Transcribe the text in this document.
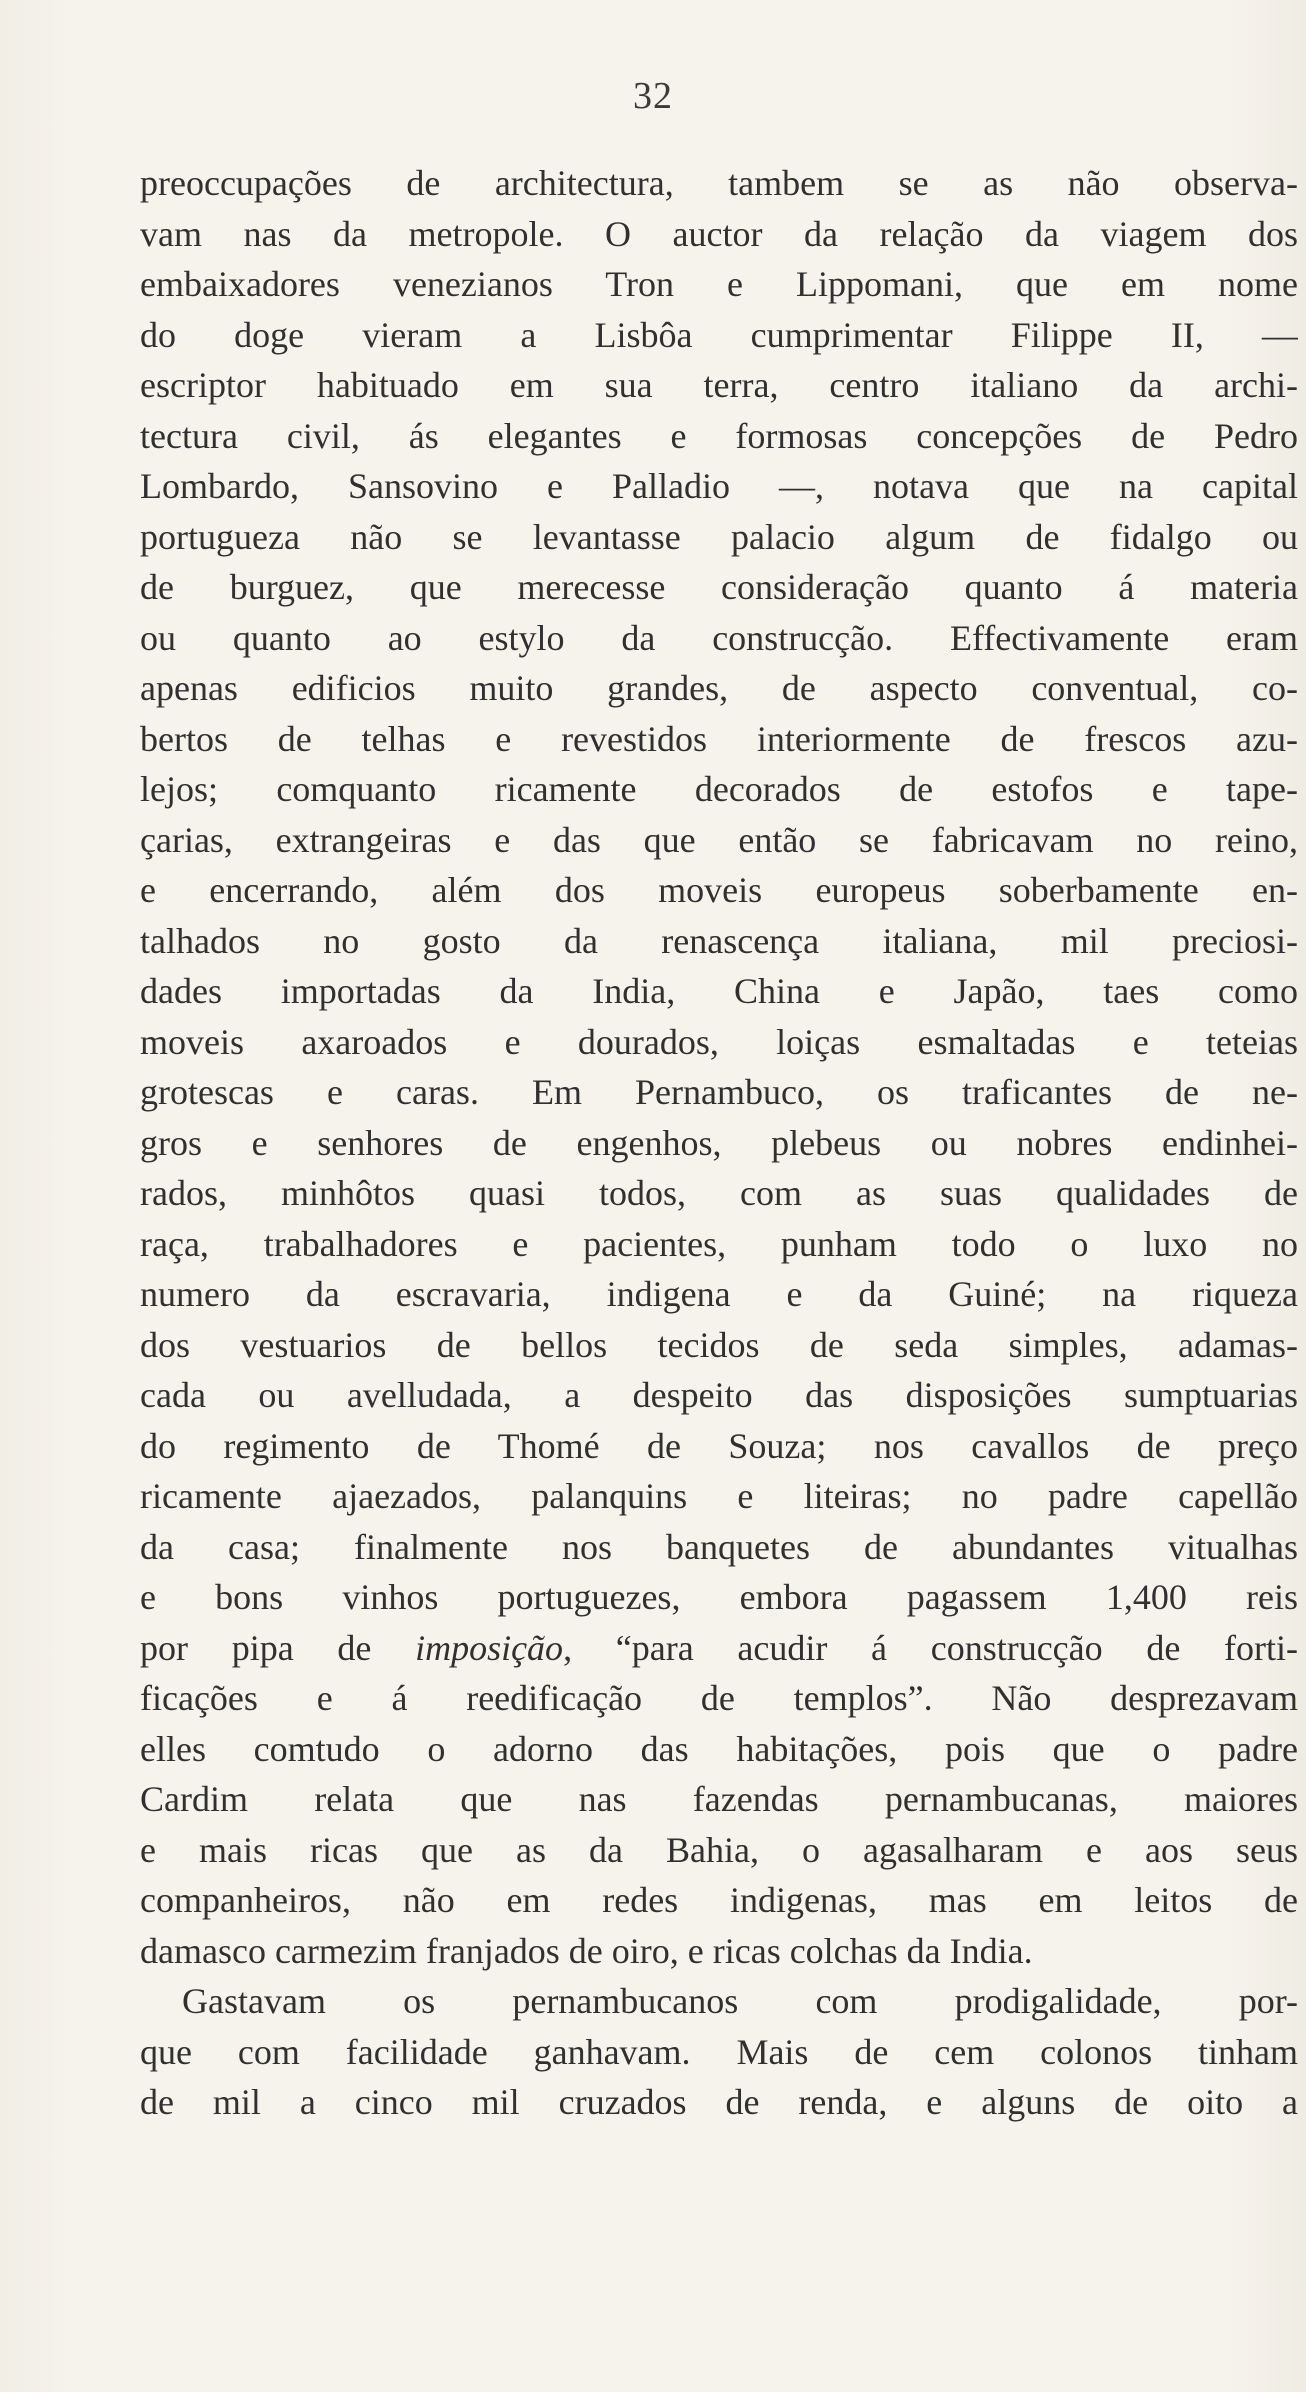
32
preoccupações de architectura, tambem se as não observa-
vam nas da metropole. O auctor da relação da viagem dos
embaixadores venezianos Tron e Lippomani, que em nome
do doge vieram a Lisbôa cumprimentar Filippe II, —
escriptor habituado em sua terra, centro italiano da archi-
tectura civil, ás elegantes e formosas concepções de Pedro
Lombardo, Sansovino e Palladio —, notava que na capital
portugueza não se levantasse palacio algum de fidalgo ou
de burguez, que merecesse consideração quanto á materia
ou quanto ao estylo da construcção. Effectivamente eram
apenas edificios muito grandes, de aspecto conventual, co-
bertos de telhas e revestidos interiormente de frescos azu-
lejos; comquanto ricamente decorados de estofos e tape-
çarias, extrangeiras e das que então se fabricavam no reino,
e encerrando, além dos moveis europeus soberbamente en-
talhados no gosto da renascença italiana, mil preciosi-
dades importadas da India, China e Japão, taes como
moveis axaroados e dourados, loiças esmaltadas e teteias
grotescas e caras. Em Pernambuco, os traficantes de ne-
gros e senhores de engenhos, plebeus ou nobres endinhei-
rados, minhôtos quasi todos, com as suas qualidades de
raça, trabalhadores e pacientes, punham todo o luxo no
numero da escravaria, indigena e da Guiné; na riqueza
dos vestuarios de bellos tecidos de seda simples, adamas-
cada ou avelludada, a despeito das disposições sumptuarias
do regimento de Thomé de Souza; nos cavallos de preço
ricamente ajaezados, palanquins e liteiras; no padre capellão
da casa; finalmente nos banquetes de abundantes vitualhas
e bons vinhos portuguezes, embora pagassem 1,400 reis
por pipa de imposição, “para acudir á construcção de forti-
ficações e á reedificação de templos”. Não desprezavam
elles comtudo o adorno das habitações, pois que o padre
Cardim relata que nas fazendas pernambucanas, maiores
e mais ricas que as da Bahia, o agasalharam e aos seus
companheiros, não em redes indigenas, mas em leitos de
damasco carmezim franjados de oiro, e ricas colchas da India.
Gastavam os pernambucanos com prodigalidade, por-
que com facilidade ganhavam. Mais de cem colonos tinham
de mil a cinco mil cruzados de renda, e alguns de oito a
